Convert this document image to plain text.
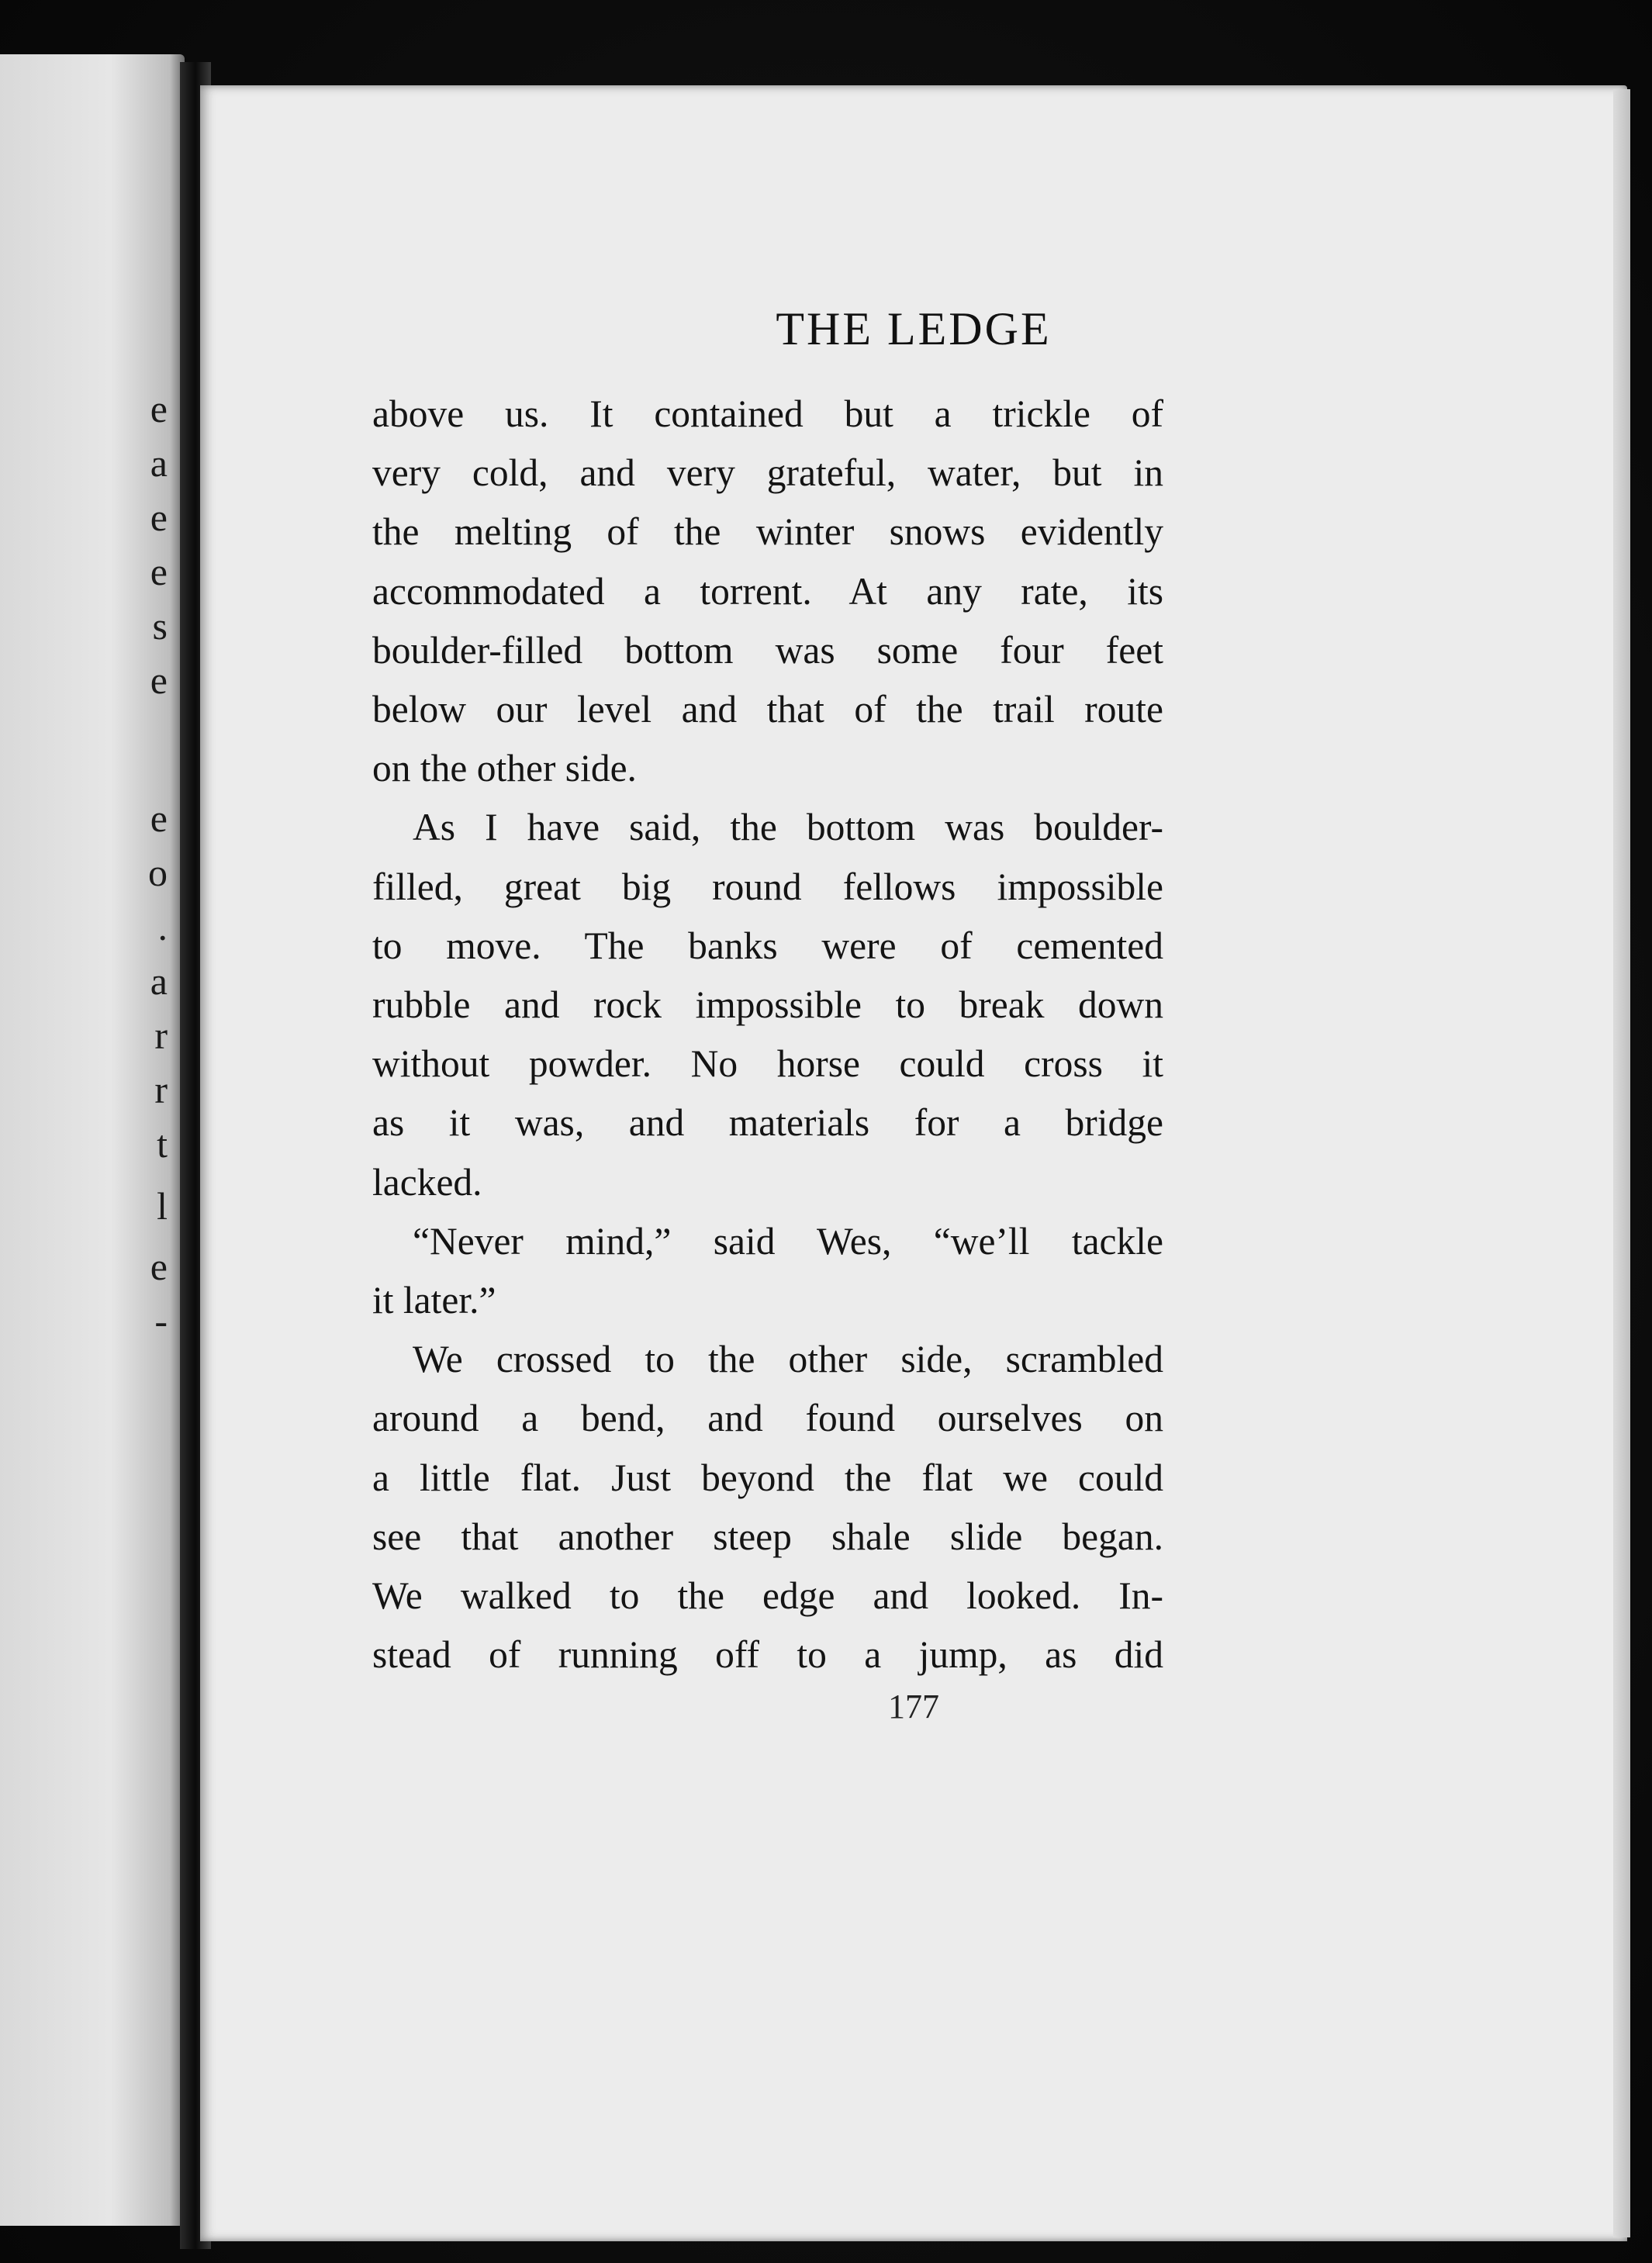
e
a
e
e
s
e
e
o
.
a
r
r
t
l
e
-
THE LEDGE

above us. It contained but a trickle of
very cold, and very grateful, water, but in
the melting of the winter snows evidently
accommodated a torrent. At any rate, its
boulder-filled bottom was some four feet
below our level and that of the trail route
on the other side.

As I have said, the bottom was boulder-
filled, great big round fellows impossible
to move. The banks were of cemented
rubble and rock impossible to break down
without powder. No horse could cross it
as it was, and materials for a bridge
lacked.

“Never mind,” said Wes, “we’ll tackle
it later.”

We crossed to the other side, scrambled
around a bend, and found ourselves on
a little flat. Just beyond the flat we could
see that another steep shale slide began.
We walked to the edge and looked. In-
stead of running off to a jump, as did

177
